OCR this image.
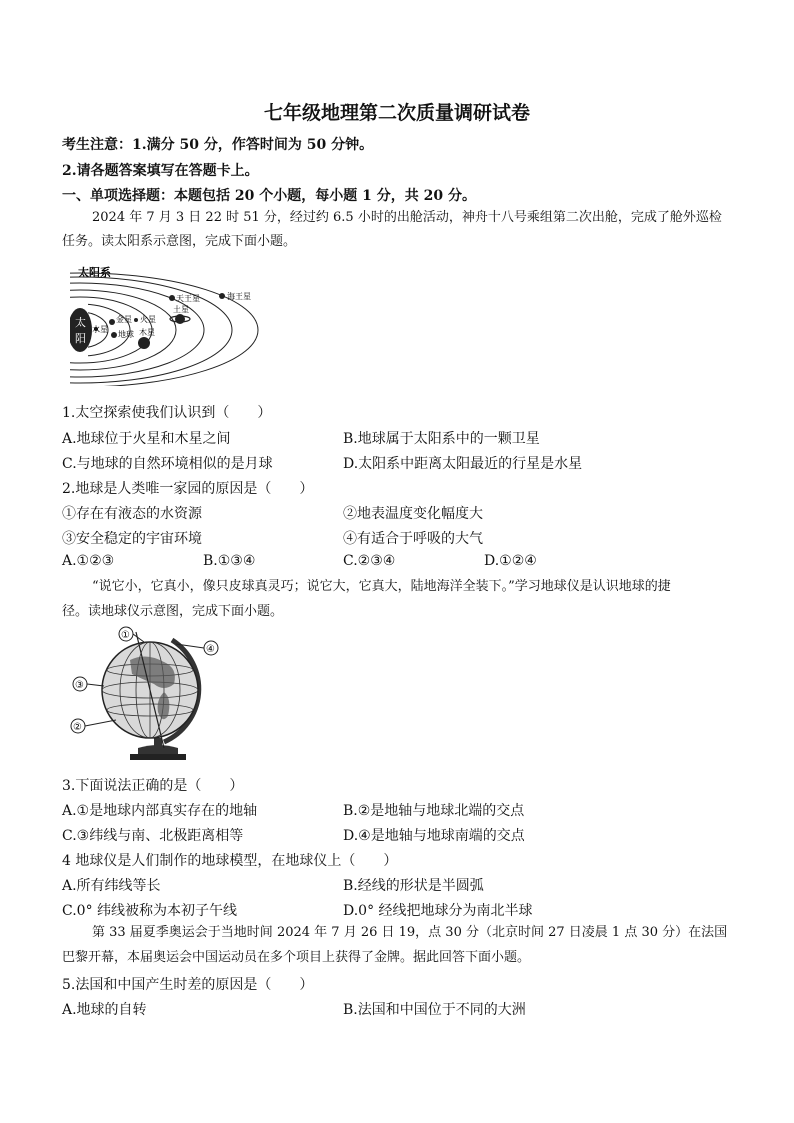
七年级地理第二次质量调研试卷
考生注意：1.满分 50 分，作答时间为 50 分钟。
2.请各题答案填写在答题卡上。
一、单项选择题：本题包括 20 个小题，每小题 1 分，共 20 分。
2024 年 7 月 3 日 22 时 51 分，经过约 6.5 小时的出舱活动，神舟十八号乘组第二次出舱，完成了舱外巡检
任务。读太阳系示意图，完成下面小题。
太阳系
太
阳
水星
金星
地球
火星
木星
土星
天王星	海王星
1.太空探索使我们认识到（　　）
A.地球位于火星和木星之间	B.地球属于太阳系中的一颗卫星
C.与地球的自然环境相似的是月球	D.太阳系中距离太阳最近的行星是水星
2.地球是人类唯一家园的原因是（　　）
①存在有液态的水资源	②地表温度变化幅度大
③安全稳定的宇宙环境	④有适合于呼吸的大气
A.①②③	B.①③④	C.②③④	D.①②④
“说它小，它真小，像只皮球真灵巧；说它大，它真大，陆地海洋全装下。”学习地球仪是认识地球的捷
径。读地球仪示意图，完成下面小题。
①
④
③
②
3.下面说法正确的是（　　）
A.①是地球内部真实存在的地轴	B.②是地轴与地球北端的交点
C.③纬线与南、北极距离相等	D.④是地轴与地球南端的交点
4 地球仪是人们制作的地球模型，在地球仪上（　　）
A.所有纬线等长	B.经线的形状是半圆弧
C.0° 纬线被称为本初子午线	D.0° 经线把地球分为南北半球
第 33 届夏季奥运会于当地时间 2024 年 7 月 26 日 19，点 30 分（北京时间 27 日凌晨 1 点 30 分）在法国
巴黎开幕，本届奥运会中国运动员在多个项目上获得了金牌。据此回答下面小题。
5.法国和中国产生时差的原因是（　　）
A.地球的自转	B.法国和中国位于不同的大洲
